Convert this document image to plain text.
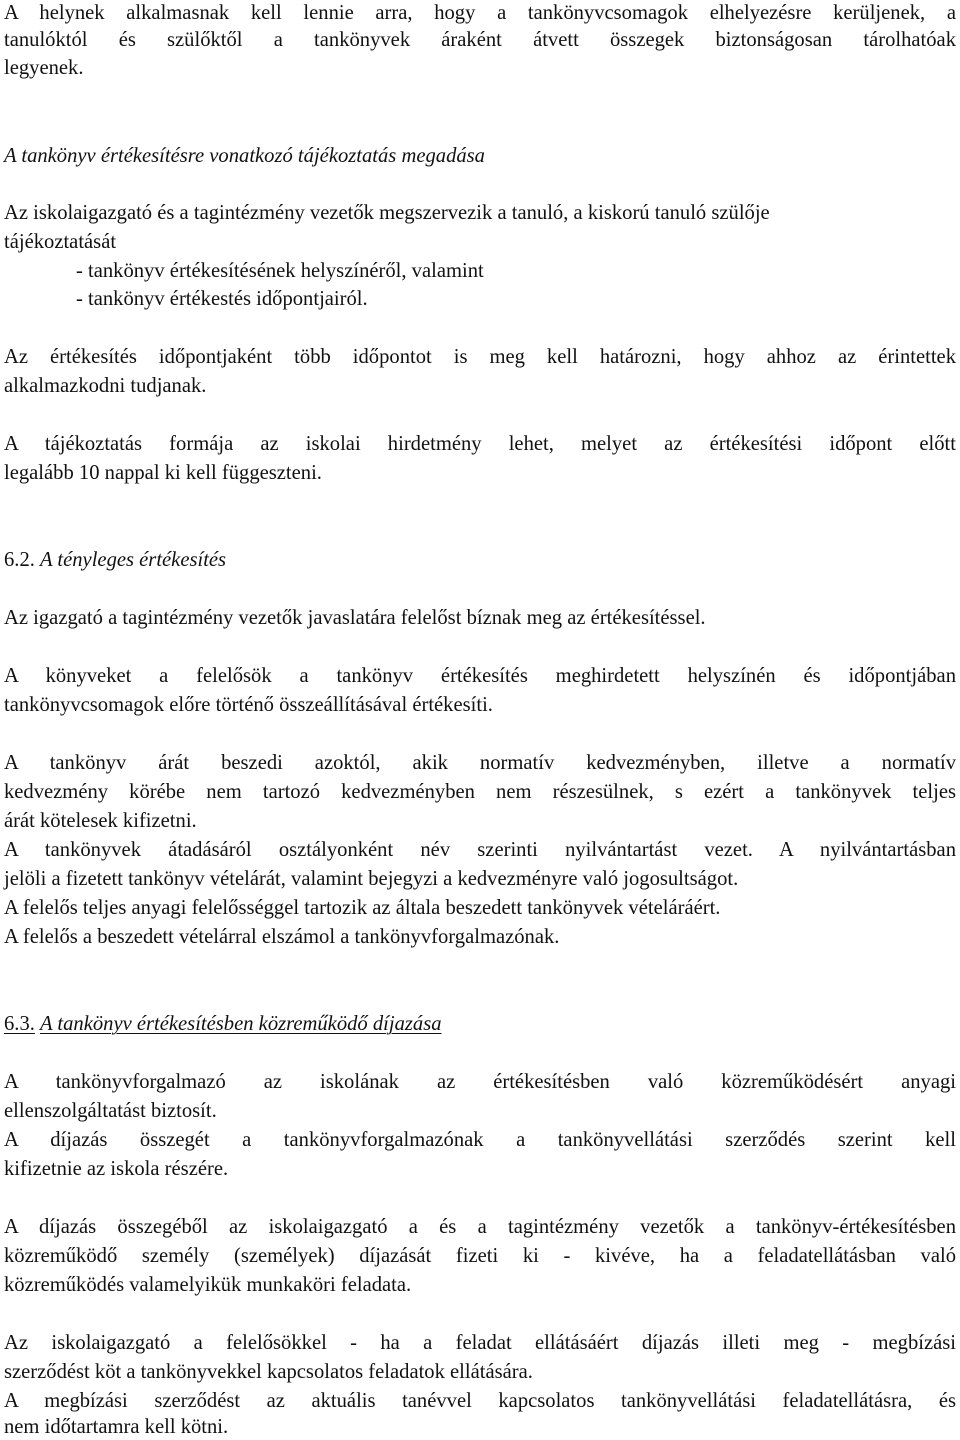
A helynek alkalmasnak kell lennie arra, hogy a tankönyvcsomagok elhelyezésre kerüljenek, a
tanulóktól és szülőktől a tankönyvek áraként átvett összegek biztonságosan tárolhatóak
legyenek.
A tankönyv értékesítésre vonatkozó tájékoztatás megadása
Az iskolaigazgató és a tagintézmény vezetők megszervezik a tanuló, a kiskorú tanuló szülője
tájékoztatását
- tankönyv értékesítésének helyszínéről, valamint
- tankönyv értékestés időpontjairól.
Az értékesítés időpontjaként több időpontot is meg kell határozni, hogy ahhoz az érintettek
alkalmazkodni tudjanak.
A tájékoztatás formája az iskolai hirdetmény lehet, melyet az értékesítési időpont előtt
legalább 10 nappal ki kell függeszteni.
6.2. A tényleges értékesítés
Az igazgató a tagintézmény vezetők javaslatára felelőst bíznak meg az értékesítéssel.
A könyveket a felelősök a tankönyv értékesítés meghirdetett helyszínén és időpontjában
tankönyvcsomagok előre történő összeállításával értékesíti.
A tankönyv árát beszedi azoktól, akik normatív kedvezményben, illetve a normatív
kedvezmény körébe nem tartozó kedvezményben nem részesülnek, s ezért a tankönyvek teljes
árát kötelesek kifizetni.
A tankönyvek átadásáról osztályonként név szerinti nyilvántartást vezet. A nyilvántartásban
jelöli a fizetett tankönyv vételárát, valamint bejegyzi a kedvezményre való jogosultságot.
A felelős teljes anyagi felelősséggel tartozik az általa beszedett tankönyvek vételáráért.
A felelős a beszedett vételárral elszámol a tankönyvforgalmazónak.
6.3. A tankönyv értékesítésben közreműködő díjazása
A tankönyvforgalmazó az iskolának az értékesítésben való közreműködésért anyagi
ellenszolgáltatást biztosít.
A díjazás összegét a tankönyvforgalmazónak a tankönyvellátási szerződés szerint kell
kifizetnie az iskola részére.
A díjazás összegéből az iskolaigazgató a és a tagintézmény vezetők a tankönyv-értékesítésben
közreműködő személy (személyek) díjazását fizeti ki - kivéve, ha a feladatellátásban való
közreműködés valamelyikük munkaköri feladata.
Az iskolaigazgató a felelősökkel - ha a feladat ellátásáért díjazás illeti meg - megbízási
szerződést köt a tankönyvekkel kapcsolatos feladatok ellátására.
A megbízási szerződést az aktuális tanévvel kapcsolatos tankönyvellátási feladatellátásra, és
nem időtartamra kell kötni.
